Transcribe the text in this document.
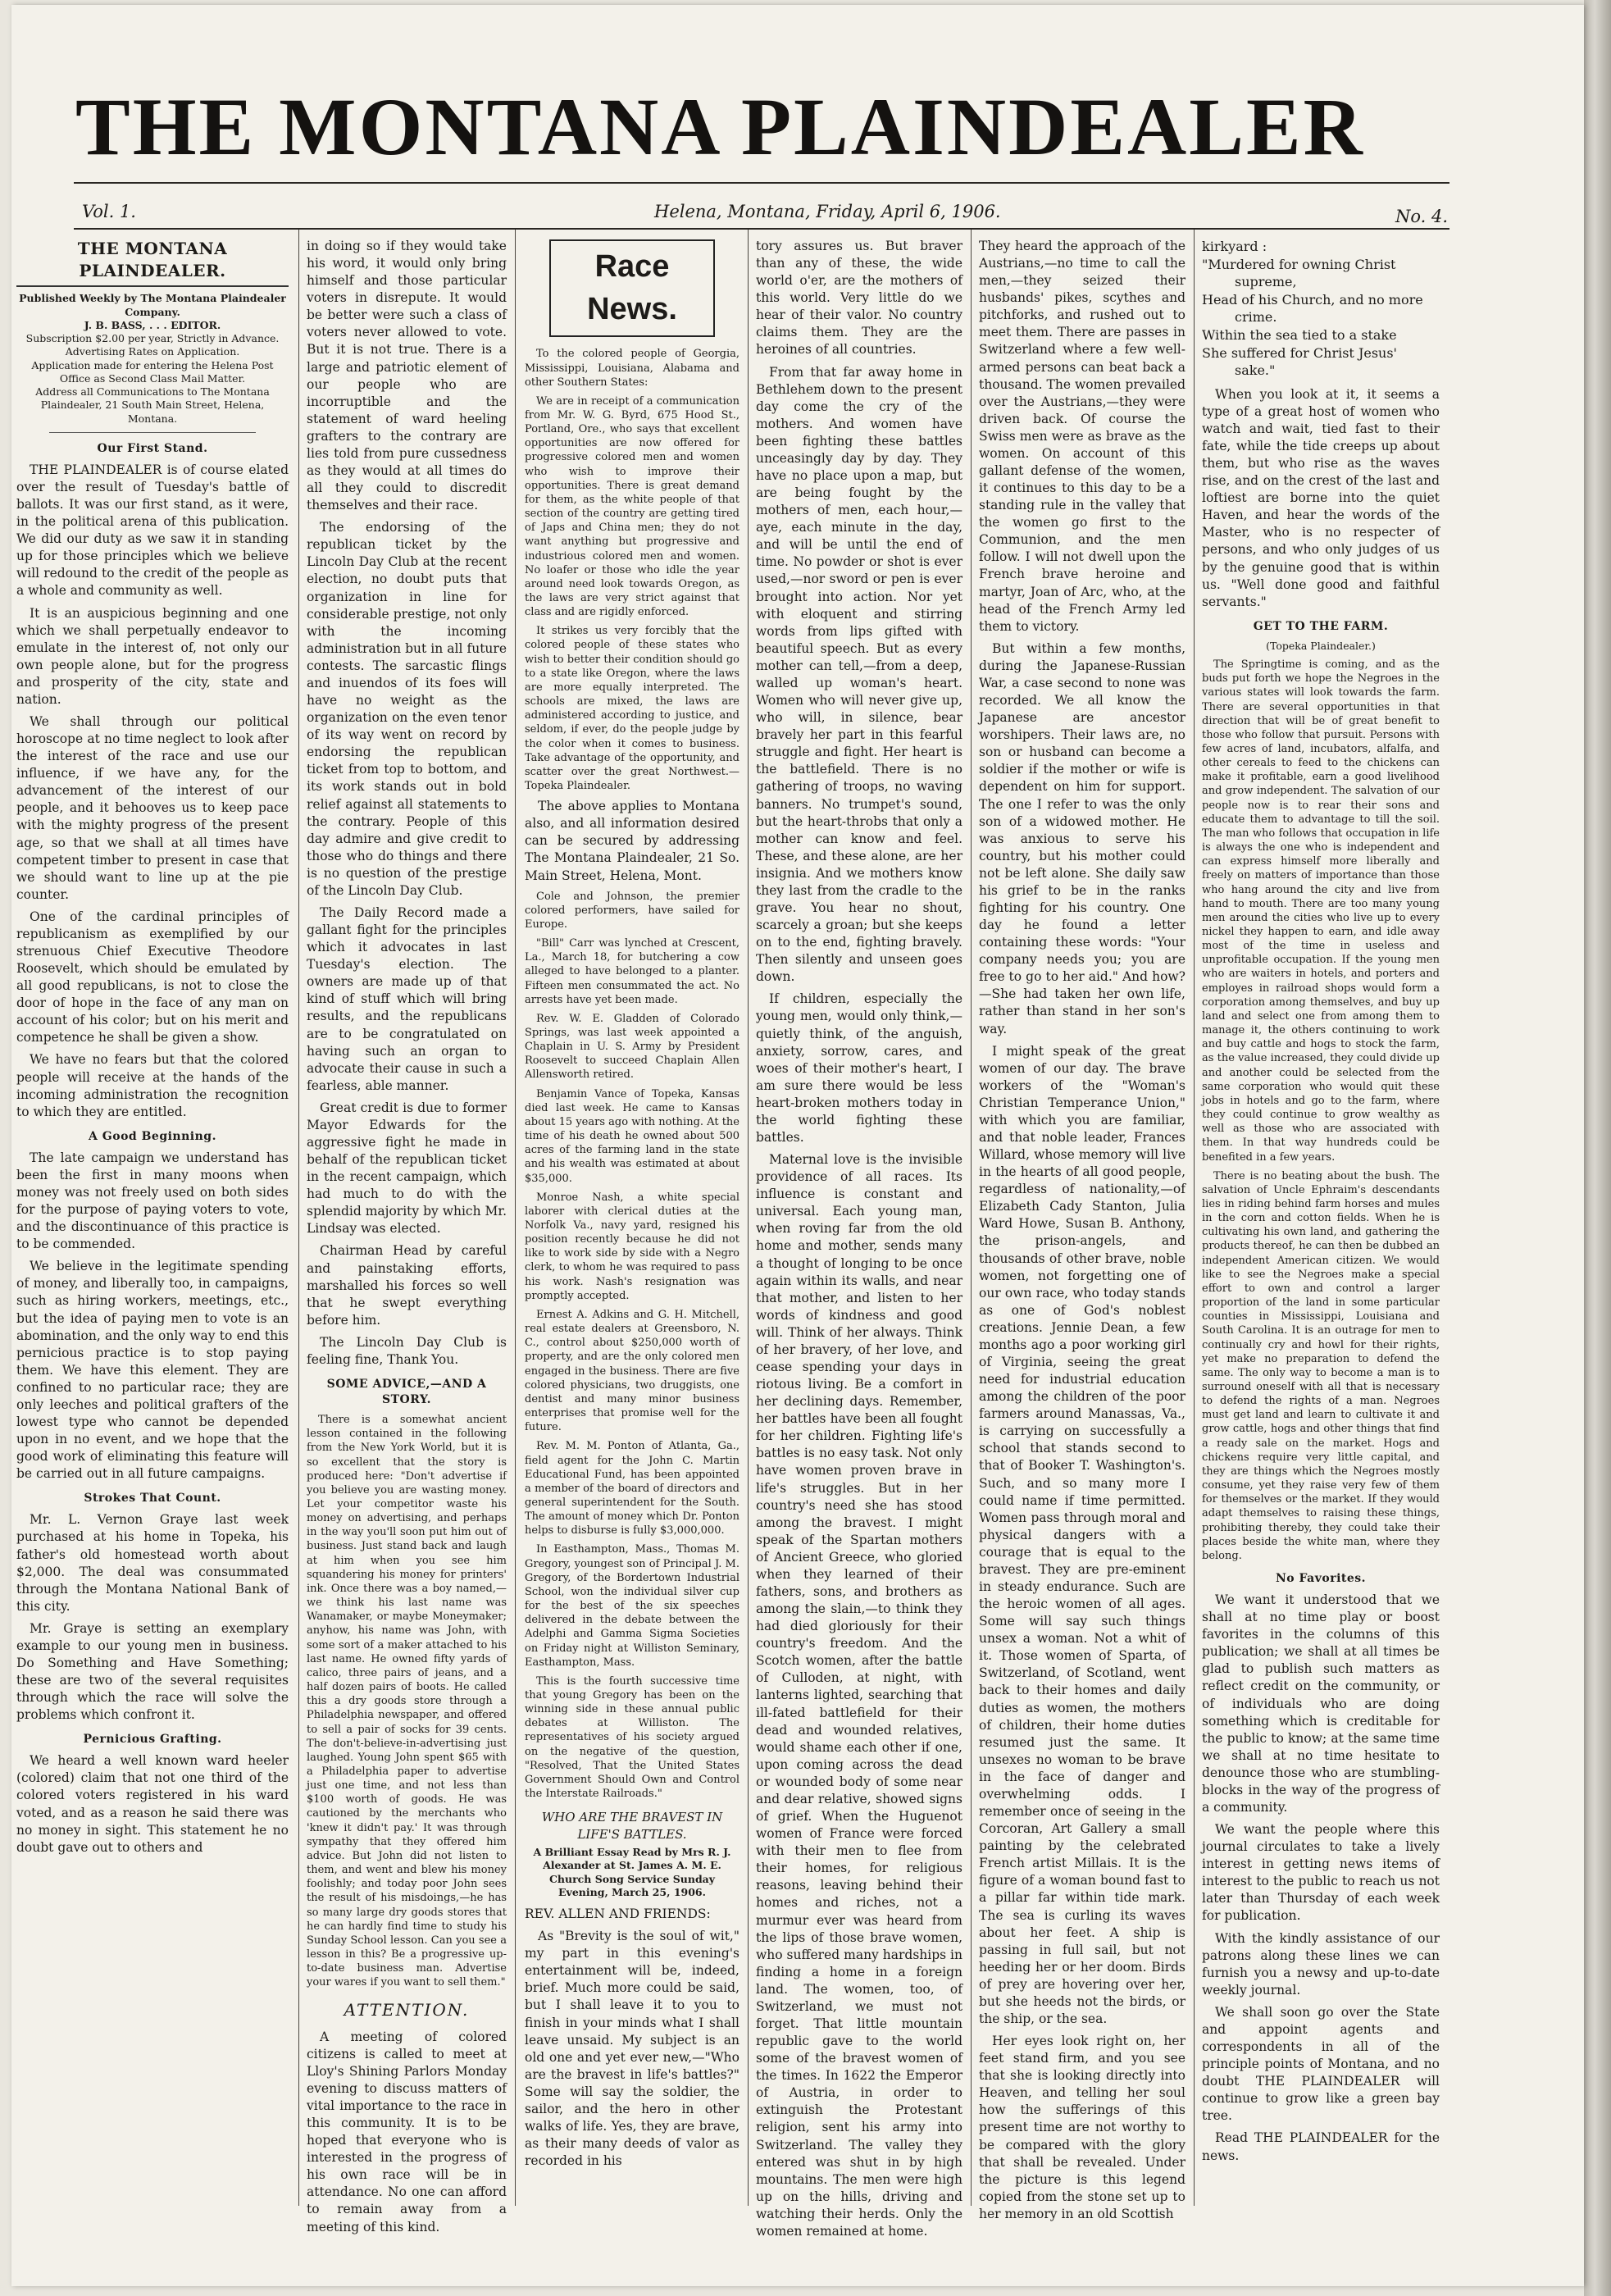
THE MONTANA PLAINDEALER
Vol. 1.	Helena, Montana, Friday, April 6, 1906.	No. 4.
THE MONTANA PLAINDEALER.
Published Weekly by The Montana Plaindealer Company.
J. B. BASS, . . . EDITOR.
Subscription $2.00 per year, Strictly in Advance. Advertising Rates on Application.
Application made for entering the Helena Post Office as Second Class Mail Matter.
Address all Communications to The Montana Plaindealer, 21 South Main Street, Helena, Montana.
Our First Stand.

THE PLAINDEALER is of course elated over the result of Tuesday's battle of ballots. It was our first stand, as it were, in the political arena of this publication. We did our duty as we saw it in standing up for those principles which we believe will redound to the credit of the people as a whole and community as well.

It is an auspicious beginning and one which we shall perpetually endeavor to emulate in the interest of, not only our own people alone, but for the progress and prosperity of the city, state and nation.

We shall through our political horoscope at no time neglect to look after the interest of the race and use our influence, if we have any, for the advancement of the interest of our people, and it behooves us to keep pace with the mighty progress of the present age, so that we shall at all times have competent timber to present in case that we should want to line up at the pie counter.

One of the cardinal principles of republicanism as exemplified by our strenuous Chief Executive Theodore Roosevelt, which should be emulated by all good republicans, is not to close the door of hope in the face of any man on account of his color; but on his merit and competence he shall be given a show.

We have no fears but that the colored people will receive at the hands of the incoming administration the recognition to which they are entitled.

A Good Beginning.

The late campaign we understand has been the first in many moons when money was not freely used on both sides for the purpose of paying voters to vote, and the discontinuance of this practice is to be commended.

We believe in the legitimate spending of money, and liberally too, in campaigns, such as hiring workers, meetings, etc., but the idea of paying men to vote is an abomination, and the only way to end this pernicious practice is to stop paying them. We have this element. They are confined to no particular race; they are only leeches and political grafters of the lowest type who cannot be depended upon in no event, and we hope that the good work of eliminating this feature will be carried out in all future campaigns.

Strokes That Count.

Mr. L. Vernon Graye last week purchased at his home in Topeka, his father's old homestead worth about $2,000. The deal was consummated through the Montana National Bank of this city.

Mr. Graye is setting an exemplary example to our young men in business. Do Something and Have Something; these are two of the several requisites through which the race will solve the problems which confront it.

Pernicious Grafting.

We heard a well known ward heeler (colored) claim that not one third of the colored voters registered in his ward voted, and as a reason he said there was no money in sight. This statement he no doubt gave out to others and

in doing so if they would take his word, it would only bring himself and those particular voters in disrepute. It would be better were such a class of voters never allowed to vote. But it is not true. There is a large and patriotic element of our people who are incorruptible and the statement of ward heeling grafters to the contrary are lies told from pure cussedness as they would at all times do all they could to discredit themselves and their race.

The endorsing of the republican ticket by the Lincoln Day Club at the recent election, no doubt puts that organization in line for considerable prestige, not only with the incoming administration but in all future contests. The sarcastic flings and inuendos of its foes will have no weight as the organization on the even tenor of its way went on record by endorsing the republican ticket from top to bottom, and its work stands out in bold relief against all statements to the contrary. People of this day admire and give credit to those who do things and there is no question of the prestige of the Lincoln Day Club.

The Daily Record made a gallant fight for the principles which it advocates in last Tuesday's election. The owners are made up of that kind of stuff which will bring results, and the republicans are to be congratulated on having such an organ to advocate their cause in such a fearless, able manner.

Great credit is due to former Mayor Edwards for the aggressive fight he made in behalf of the republican ticket in the recent campaign, which had much to do with the splendid majority by which Mr. Lindsay was elected.

Chairman Head by careful and painstaking efforts, marshalled his forces so well that he swept everything before him.

The Lincoln Day Club is feeling fine, Thank You.

SOME ADVICE,—AND A STORY.

There is a somewhat ancient lesson contained in the following from the New York World, but it is so excellent that the story is produced here: "Don't advertise if you believe you are wasting money. Let your competitor waste his money on advertising, and perhaps in the way you'll soon put him out of business. Just stand back and laugh at him when you see him squandering his money for printers' ink. Once there was a boy named,—we think his last name was Wanamaker, or maybe Moneymaker; anyhow, his name was John, with some sort of a maker attached to his last name. He owned fifty yards of calico, three pairs of jeans, and a half dozen pairs of boots. He called this a dry goods store through a Philadelphia newspaper, and offered to sell a pair of socks for 39 cents. The don't-believe-in-advertising just laughed. Young John spent $65 with a Philadelphia paper to advertise just one time, and not less than $100 worth of goods. He was cautioned by the merchants who 'knew it didn't pay.' It was through sympathy that they offered him advice. But John did not listen to them, and went and blew his money foolishly; and today poor John sees the result of his misdoings,—he has so many large dry goods stores that he can hardly find time to study his Sunday School lesson. Can you see a lesson in this? Be a progressive up-to-date business man. Advertise your wares if you want to sell them."

ATTENTION.

A meeting of colored citizens is called to meet at Lloy's Shining Parlors Monday evening to discuss matters of vital importance to the race in this community. It is to be hoped that everyone who is interested in the progress of his own race will be in attendance. No one can afford to remain away from a meeting of this kind.

Race News.

To the colored people of Georgia, Mississippi, Louisiana, Alabama and other Southern States:

We are in receipt of a communication from Mr. W. G. Byrd, 675 Hood St., Portland, Ore., who says that excellent opportunities are now offered for progressive colored men and women who wish to improve their opportunities. There is great demand for them, as the white people of that section of the country are getting tired of Japs and China men; they do not want anything but progressive and industrious colored men and women. No loafer or those who idle the year around need look towards Oregon, as the laws are very strict against that class and are rigidly enforced.

It strikes us very forcibly that the colored people of these states who wish to better their condition should go to a state like Oregon, where the laws are more equally interpreted. The schools are mixed, the laws are administered according to justice, and seldom, if ever, do the people judge by the color when it comes to business. Take advantage of the opportunity, and scatter over the great Northwest.—Topeka Plaindealer.

The above applies to Montana also, and all information desired can be secured by addressing The Montana Plaindealer, 21 So. Main Street, Helena, Mont.

Cole and Johnson, the premier colored performers, have sailed for Europe.

"Bill" Carr was lynched at Crescent, La., March 18, for butchering a cow alleged to have belonged to a planter. Fifteen men consummated the act. No arrests have yet been made.

Rev. W. E. Gladden of Colorado Springs, was last week appointed a Chaplain in U. S. Army by President Roosevelt to succeed Chaplain Allen Allensworth retired.

Benjamin Vance of Topeka, Kansas died last week. He came to Kansas about 15 years ago with nothing. At the time of his death he owned about 500 acres of the farming land in the state and his wealth was estimated at about $35,000.

Monroe Nash, a white special laborer with clerical duties at the Norfolk Va., navy yard, resigned his position recently because he did not like to work side by side with a Negro clerk, to whom he was required to pass his work. Nash's resignation was promptly accepted.

Ernest A. Adkins and G. H. Mitchell, real estate dealers at Greensboro, N. C., control about $250,000 worth of property, and are the only colored men engaged in the business. There are five colored physicians, two druggists, one dentist and many minor business enterprises that promise well for the future.

Rev. M. M. Ponton of Atlanta, Ga., field agent for the John C. Martin Educational Fund, has been appointed a member of the board of directors and general superintendent for the South. The amount of money which Dr. Ponton helps to disburse is fully $3,000,000.

In Easthampton, Mass., Thomas M. Gregory, youngest son of Principal J. M. Gregory, of the Bordertown Industrial School, won the individual silver cup for the best of the six speeches delivered in the debate between the Adelphi and Gamma Sigma Societies on Friday night at Williston Seminary, Easthampton, Mass.

This is the fourth successive time that young Gregory has been on the winning side in these annual public debates at Williston. The representatives of his society argued on the negative of the question, "Resolved, That the United States Government Should Own and Control the Interstate Railroads."

WHO ARE THE BRAVEST IN LIFE'S BATTLES.
A Brilliant Essay Read by Mrs R. J. Alexander at St. James A. M. E. Church Song Service Sunday Evening, March 25, 1906.

REV. ALLEN AND FRIENDS:

As "Brevity is the soul of wit," my part in this evening's entertainment will be, indeed, brief. Much more could be said, but I shall leave it to you to finish in your minds what I shall leave unsaid. My subject is an old one and yet ever new,—"Who are the bravest in life's battles?" Some will say the soldier, the sailor, and the hero in other walks of life. Yes, they are brave, as their many deeds of valor as recorded in his

tory assures us. But braver than any of these, the wide world o'er, are the mothers of this world. Very little do we hear of their valor. No country claims them. They are the heroines of all countries.

From that far away home in Bethlehem down to the present day come the cry of the mothers. And women have been fighting these battles unceasingly day by day. They have no place upon a map, but are being fought by the mothers of men, each hour,—aye, each minute in the day, and will be until the end of time. No powder or shot is ever used,—nor sword or pen is ever brought into action. Nor yet with eloquent and stirring words from lips gifted with beautiful speech. But as every mother can tell,—from a deep, walled up woman's heart. Women who will never give up, who will, in silence, bear bravely her part in this fearful struggle and fight. Her heart is the battlefield. There is no gathering of troops, no waving banners. No trumpet's sound, but the heart-throbs that only a mother can know and feel. These, and these alone, are her insignia. And we mothers know they last from the cradle to the grave. You hear no shout, scarcely a groan; but she keeps on to the end, fighting bravely. Then silently and unseen goes down.

If children, especially the young men, would only think,—quietly think, of the anguish, anxiety, sorrow, cares, and woes of their mother's heart, I am sure there would be less heart-broken mothers today in the world fighting these battles.

Maternal love is the invisible providence of all races. Its influence is constant and universal. Each young man, when roving far from the old home and mother, sends many a thought of longing to be once again within its walls, and near that mother, and listen to her words of kindness and good will. Think of her always. Think of her bravery, of her love, and cease spending your days in riotous living. Be a comfort in her declining days. Remember, her battles have been all fought for her children. Fighting life's battles is no easy task. Not only have women proven brave in life's struggles. But in her country's need she has stood among the bravest. I might speak of the Spartan mothers of Ancient Greece, who gloried when they learned of their fathers, sons, and brothers as among the slain,—to think they had died gloriously for their country's freedom. And the Scotch women, after the battle of Culloden, at night, with lanterns lighted, searching that ill-fated battlefield for their dead and wounded relatives, would shame each other if one, upon coming across the dead or wounded body of some near and dear relative, showed signs of grief. When the Huguenot women of France were forced with their men to flee from their homes, for religious reasons, leaving behind their homes and riches, not a murmur ever was heard from the lips of those brave women, who suffered many hardships in finding a home in a foreign land. The women, too, of Switzerland, we must not forget. That little mountain republic gave to the world some of the bravest women of the times. In 1622 the Emperor of Austria, in order to extinguish the Protestant religion, sent his army into Switzerland. The valley they entered was shut in by high mountains. The men were high up on the hills, driving and watching their herds. Only the women remained at home.

They heard the approach of the Austrians,—no time to call the men,—they seized their husbands' pikes, scythes and pitchforks, and rushed out to meet them. There are passes in Switzerland where a few well-armed persons can beat back a thousand. The women prevailed over the Austrians,—they were driven back. Of course the Swiss men were as brave as the women. On account of this gallant defense of the women, it continues to this day to be a standing rule in the valley that the women go first to the Communion, and the men follow. I will not dwell upon the French brave heroine and martyr, Joan of Arc, who, at the head of the French Army led them to victory.

But within a few months, during the Japanese-Russian War, a case second to none was recorded. We all know the Japanese are ancestor worshipers. Their laws are, no son or husband can become a soldier if the mother or wife is dependent on him for support. The one I refer to was the only son of a widowed mother. He was anxious to serve his country, but his mother could not be left alone. She daily saw his grief to be in the ranks fighting for his country. One day he found a letter containing these words: "Your company needs you; you are free to go to her aid." And how?—She had taken her own life, rather than stand in her son's way.

I might speak of the great women of our day. The brave workers of the "Woman's Christian Temperance Union," with which you are familiar, and that noble leader, Frances Willard, whose memory will live in the hearts of all good people, regardless of nationality,—of Elizabeth Cady Stanton, Julia Ward Howe, Susan B. Anthony, the prison-angels, and thousands of other brave, noble women, not forgetting one of our own race, who today stands as one of God's noblest creations. Jennie Dean, a few months ago a poor working girl of Virginia, seeing the great need for industrial education among the children of the poor farmers around Manassas, Va., is carrying on successfully a school that stands second to that of Booker T. Washington's. Such, and so many more I could name if time permitted. Women pass through moral and physical dangers with a courage that is equal to the bravest. They are pre-eminent in steady endurance. Such are the heroic women of all ages. Some will say such things unsex a woman. Not a whit of it. Those women of Sparta, of Switzerland, of Scotland, went back to their homes and daily duties as women, the mothers of children, their home duties resumed just the same. It unsexes no woman to be brave in the face of danger and overwhelming odds. I remember once of seeing in the Corcoran, Art Gallery a small painting by the celebrated French artist Millais. It is the figure of a woman bound fast to a pillar far within tide mark. The sea is curling its waves about her feet. A ship is passing in full sail, but not heeding her or her doom. Birds of prey are hovering over her, but she heeds not the birds, or the ship, or the sea.

Her eyes look right on, her feet stand firm, and you see that she is looking directly into Heaven, and telling her soul how the sufferings of this present time are not worthy to be compared with the glory that shall be revealed. Under the picture is this legend copied from the stone set up to her memory in an old Scottish

kirkyard :
"Murdered for owning Christ
supreme,
Head of his Church, and no more
crime.
Within the sea tied to a stake
She suffered for Christ Jesus'
sake."

When you look at it, it seems a type of a great host of women who watch and wait, tied fast to their fate, while the tide creeps up about them, but who rise as the waves rise, and on the crest of the last and loftiest are borne into the quiet Haven, and hear the words of the Master, who is no respecter of persons, and who only judges of us by the genuine good that is within us. "Well done good and faithful servants."

GET TO THE FARM.
(Topeka Plaindealer.)

The Springtime is coming, and as the buds put forth we hope the Negroes in the various states will look towards the farm. There are several opportunities in that direction that will be of great benefit to those who follow that pursuit. Persons with few acres of land, incubators, alfalfa, and other cereals to feed to the chickens can make it profitable, earn a good livelihood and grow independent. The salvation of our people now is to rear their sons and educate them to advantage to till the soil. The man who follows that occupation in life is always the one who is independent and can express himself more liberally and freely on matters of importance than those who hang around the city and live from hand to mouth. There are too many young men around the cities who live up to every nickel they happen to earn, and idle away most of the time in useless and unprofitable occupation. If the young men who are waiters in hotels, and porters and employes in railroad shops would form a corporation among themselves, and buy up land and select one from among them to manage it, the others continuing to work and buy cattle and hogs to stock the farm, as the value increased, they could divide up and another could be selected from the same corporation who would quit these jobs in hotels and go to the farm, where they could continue to grow wealthy as well as those who are associated with them. In that way hundreds could be benefited in a few years.

There is no beating about the bush. The salvation of Uncle Ephraim's descendants lies in riding behind farm horses and mules in the corn and cotton fields. When he is cultivating his own land, and gathering the products thereof, he can then be dubbed an independent American citizen. We would like to see the Negroes make a special effort to own and control a larger proportion of the land in some particular counties in Mississippi, Louisiana and South Carolina. It is an outrage for men to continually cry and howl for their rights, yet make no preparation to defend the same. The only way to become a man is to surround oneself with all that is necessary to defend the rights of a man. Negroes must get land and learn to cultivate it and grow cattle, hogs and other things that find a ready sale on the market. Hogs and chickens require very little capital, and they are things which the Negroes mostly consume, yet they raise very few of them for themselves or the market. If they would adapt themselves to raising these things, prohibiting thereby, they could take their places beside the white man, where they belong.

No Favorites.

We want it understood that we shall at no time play or boost favorites in the columns of this publication; we shall at all times be glad to publish such matters as reflect credit on the community, or of individuals who are doing something which is creditable for the public to know; at the same time we shall at no time hesitate to denounce those who are stumbling-blocks in the way of the progress of a community.

We want the people where this journal circulates to take a lively interest in getting news items of interest to the public to reach us not later than Thursday of each week for publication.

With the kindly assistance of our patrons along these lines we can furnish you a newsy and up-to-date weekly journal.

We shall soon go over the State and appoint agents and correspondents in all of the principle points of Montana, and no doubt THE PLAINDEALER will continue to grow like a green bay tree.

Read THE PLAINDEALER for the news.
